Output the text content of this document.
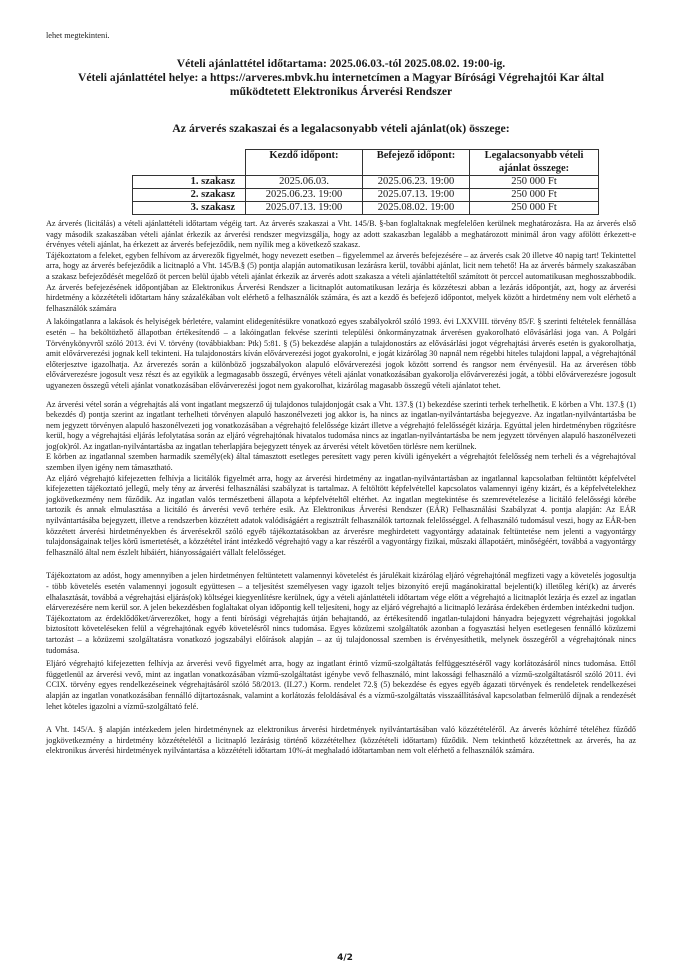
lehet megtekinteni.

Vételi ajánlattétel időtartama: 2025.06.03.-tól 2025.08.02. 19:00-ig.

Vételi ajánlattétel helye: a https://arveres.mbvk.hu internetcímen a Magyar Bírósági Végrehajtói Kar által

működtetett Elektronikus Árverési Rendszer

Az árverés szakaszai és a legalacsonyabb vételi ajánlat(ok) összege:

	Kezdő időpont:	Befejező időpont:	Legalacsonyabb vételi ajánlat összege:
1. szakasz	2025.06.03.	2025.06.23. 19:00	250 000 Ft
2. szakasz	2025.06.23. 19:00	2025.07.13. 19:00	250 000 Ft
3. szakasz	2025.07.13. 19:00	2025.08.02. 19:00	250 000 Ft

Az árverés (licitálás) a vételi ajánlattételi időtartam végéig tart. Az árverés szakaszai a Vht. 145/B. §-ban foglaltaknak megfelelően kerülnek meghatározásra. Ha az árverés első vagy második szakaszában vételi ajánlat érkezik az árverési rendszer megvizsgálja, hogy az adott szakaszban legalább a meghatározott minimál áron vagy afölött érkezett-e érvényes vételi ajánlat, ha érkezett az árverés befejeződik, nem nyílik meg a következő szakasz.

Tájékoztatom a feleket, egyben felhívom az árverezők figyelmét, hogy nevezett esetben – figyelemmel az árverés befejezésére – az árverés csak 20 illetve 40 napig tart! Tekintettel arra, hogy az árverés befejeződik a licitnapló a Vht. 145/B.§ (5) pontja alapján automatikusan lezárásra kerül, további ajánlat, licit nem tehető! Ha az árverés bármely szakaszában a szakasz befejeződését megelőző öt percen belül újabb vételi ajánlat érkezik az árverés adott szakasza a vételi ajánlattételtől számított öt perccel automatikusan meghosszabbodik. Az árverés befejezésének időpontjában az Elektronikus Árverési Rendszer a licitnaplót automatikusan lezárja és közzéteszi abban a lezárás időpontját, azt, hogy az árverési hirdetmény a közzétételi időtartam hány százalékában volt elérhető a felhasználók számára, és azt a kezdő és befejező időpontot, melyek között a hirdetmény nem volt elérhető a felhasználók számára

A lakóingatlanra a lakások és helyiségek bérletére, valamint elidegenítésükre vonatkozó egyes szabályokról szóló 1993. évi LXXVIII. törvény 85/F. § szerinti feltételek fennállása esetén – ha beköltözhető állapotban értékesítendő – a lakóingatlan fekvése szerinti települési önkormányzatnak árverésen gyakorolható elővásárlási joga van. A Polgári Törvénykönyvről szóló 2013. évi V. törvény (továbbiakban: Ptk) 5:81. § (5) bekezdése alapján a tulajdonostárs az elővásárlási jogot végrehajtási árverés esetén is gyakorolhatja, amit elővárverezési jognak kell tekinteni. Ha tulajdonostárs kíván elővárverezési jogot gyakorolni, e jogát kizárólag 30 napnál nem régebbi hiteles tulajdoni lappal, a végrehajtónál előterjesztve igazolhatja. Az árverezés során a különböző jogszabályokon alapuló elővárverezési jogok között sorrend és rangsor nem érvényesül. Ha az árverésen több elővárverezésre jogosult vesz részt és az egyikük a legmagasabb összegű, érvényes vételi ajánlat vonatkozásában gyakorolja elővárverezési jogát, a többi elővárverezésre jogosult ugyanezen összegű vételi ajánlat vonatkozásában elővárverezési jogot nem gyakorolhat, kizárólag magasabb összegű vételi ajánlatot tehet.

Az árverési vétel során a végrehajtás alá vont ingatlant megszerző új tulajdonos tulajdonjogát csak a Vht. 137.§ (1) bekezdése szerinti terhek terhelhetik. E körben a Vht. 137.§ (1) bekezdés d) pontja szerint az ingatlant terhelheti törvényen alapuló haszonélvezeti jog akkor is, ha nincs az ingatlan-nyilvántartásba bejegyezve. Az ingatlan-nyilvántartásba be nem jegyzett törvényen alapuló haszonélvezeti jog vonatkozásában a végrehajtó felelőssége kizárt illetve a végrehajtó felelősségét kizárja. Egyúttal jelen hirdetményben rögzítésre kerül, hogy a végrehajtási eljárás lefolytatása során az eljáró végrehajtónak hivatalos tudomása nincs az ingatlan-nyilvántartásba be nem jegyzett törvényen alapuló haszonélvezeti jog(ok)ról. Az ingatlan-nyilvántartásba az ingatlan teherlapjára bejegyzett tények az árverési vételt követően törlésre nem kerülnek.

E körben az ingatlannal szemben harmadik személy(ek) által támasztott esetleges peresített vagy peren kívüli igényekért a végrehajtót felelősség nem terheli és a végrehajtóval szemben ilyen igény nem támasztható.

Az eljáró végrehajtó kifejezetten felhívja a licitálók figyelmét arra, hogy az árverési hirdetmény az ingatlan-nyilvántartásban az ingatlannal kapcsolatban feltüntött képfelvétel kifejezetten tájékoztató jellegű, mely tény az árverési felhasználási szabályzat is tartalmaz. A feltöltött képfelvétellel kapcsolatos valamennyi igény kizárt, és a képfelvételekhez jogkövetkezmény nem fűződik. Az ingatlan valós természetbeni állapota a képfelvételtől eltérhet. Az ingatlan megtekintése és szemrevételezése a licitáló felelősségi körébe tartozik és annak elmulasztása a licitáló és árverési vevő terhére esik. Az Elektronikus Árverési Rendszer (EÁR) Felhasználási Szabályzat 4. pontja alapján: Az EÁR nyilvántartásába bejegyzett, illetve a rendszerben közzétett adatok valódiságáért a regisztrált felhasználók tartoznak felelősséggel. A felhasználó tudomásul veszi, hogy az EÁR-ben közzétett árverési hirdetményekben és árverésekről szóló egyéb tájékoztatásokban az árverésre meghirdetett vagyontárgy adatainak feltüntetése nem jelenti a vagyontárgy tulajdonságainak teljes körű ismertetését, a közzététel iránt intézkedő végrehajtó vagy a kar részéről a vagyontárgy fizikai, műszaki állapotáért, minőségéért, továbbá a vagyontárgy felhasználó által nem észlelt hibáiért, hiányosságaiért vállalt felelősséget.

Tájékoztatom az adóst, hogy amennyiben a jelen hirdetményen feltüntetett valamennyi követelést és járulékait kizárólag eljáró végrehajtónál megfizeti vagy a követelés jogosultja - több követelés esetén valamennyi jogosult együttesen – a teljesítést személyesen vagy igazolt teljes bizonyító erejű magánokirattal bejelenti(k) illetőleg kéri(k) az árverés elhalasztását, továbbá a végrehajtási eljárás(ok) költségei kiegyenlítésre kerülnek, úgy a vételi ajánlattételi időtartam vége előtt a végrehajtó a licitnaplót lezárja és ezzel az ingatlan elárverezésére nem kerül sor. A jelen bekezdésben foglaltakat olyan időpontig kell teljesíteni, hogy az eljáró végrehajtó a licitnapló lezárása érdekében érdemben intézkedni tudjon.

Tájékoztatom az érdeklődőket/árverezőket, hogy a fenti bírósági végrehajtás útján behajtandó, az értékesítendő ingatlan-tulajdoni hányadra bejegyzett végrehajtási jogokkal biztosított követeléseken felül a végrehajtónak egyéb követelésről nincs tudomása. Egyes közüzemi szolgáltatók azonban a fogyasztási helyen esetlegesen fennálló közüzemi tartozást – a közüzemi szolgáltatásra vonatkozó jogszabályi előírások alapján – az új tulajdonossal szemben is érvényesíthetik, melynek összegéről a végrehajtónak nincs tudomása.

Eljáró végrehajtó kifejezetten felhívja az árverési vevő figyelmét arra, hogy az ingatlant érintő vízmű-szolgáltatás felfüggesztéséről vagy korlátozásáról nincs tudomása. Ettől függetlenül az árverési vevő, mint az ingatlan vonatkozásában vízmű-szolgáltatást igénybe vevő felhasználó, mint lakossági felhasználó a vízmű-szolgáltatásról szóló 2011. évi CCIX. törvény egyes rendelkezéseinek végrehajtásáról szóló 58/2013. (II.27.) Korm. rendelet 72.§ (5) bekezdése és egyes egyéb ágazati törvények és rendeletek rendelkezései alapján az ingatlan vonatkozásában fennálló díjtartozásnak, valamint a korlátozás feloldásával és a vízmű-szolgáltatás visszaállításával kapcsolatban felmerülő díjnak a rendezését lehet köteles igazolni a vízmű-szolgáltató felé.

A Vht. 145/A. § alapján intézkedem jelen hirdetménynek az elektronikus árverési hirdetmények nyilvántartásában való közzétételéről. Az árverés közhírré tételéhez fűződő jogkövetkezmény a hirdetmény közzétételétől a licitnapló lezárásig történő közzétételhez (közzétételi időtartam) fűződik. Nem tekinthető közzétettnek az árverés, ha az elektronikus árverési hirdetmények nyilvántartása a közzétételi időtartam 10%-át meghaladó időtartamban nem volt elérhető a felhasználók számára.

4/2
